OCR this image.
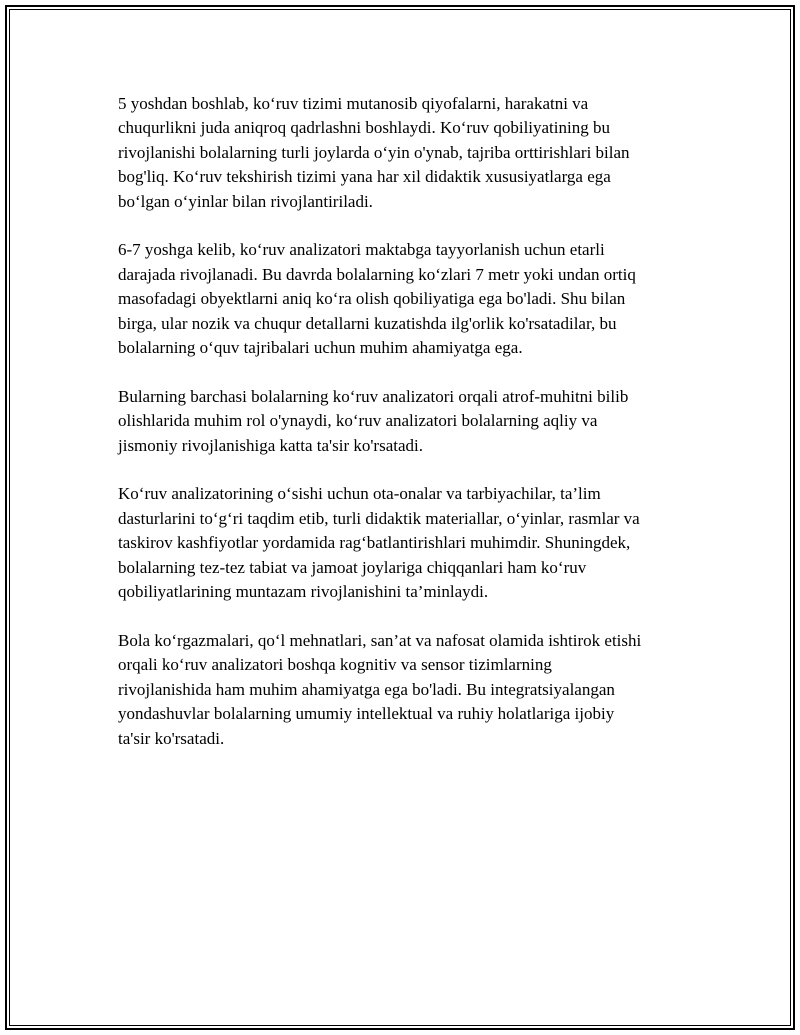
5 yoshdan boshlab, ko‘ruv tizimi mutanosib qiyofalarni, harakatni va
chuqurlikni juda aniqroq qadrlashni boshlaydi. Ko‘ruv qobiliyatining bu
rivojlanishi bolalarning turli joylarda o‘yin o'ynab, tajriba orttirishlari bilan
bog'liq. Ko‘ruv tekshirish tizimi yana har xil didaktik xususiyatlarga ega
bo‘lgan o‘yinlar bilan rivojlantiriladi.

6-7 yoshga kelib, ko‘ruv analizatori maktabga tayyorlanish uchun etarli
darajada rivojlanadi. Bu davrda bolalarning ko‘zlari 7 metr yoki undan ortiq
masofadagi obyektlarni aniq ko‘ra olish qobiliyatiga ega bo'ladi. Shu bilan
birga, ular nozik va chuqur detallarni kuzatishda ilg'orlik ko'rsatadilar, bu
bolalarning o‘quv tajribalari uchun muhim ahamiyatga ega.

Bularning barchasi bolalarning ko‘ruv analizatori orqali atrof-muhitni bilib
olishlarida muhim rol o'ynaydi, ko‘ruv analizatori bolalarning aqliy va
jismoniy rivojlanishiga katta ta'sir ko'rsatadi.

Ko‘ruv analizatorining o‘sishi uchun ota-onalar va tarbiyachilar, ta’lim
dasturlarini to‘g‘ri taqdim etib, turli didaktik materiallar, o‘yinlar, rasmlar va
taskirov kashfiyotlar yordamida rag‘batlantirishlari muhimdir. Shuningdek,
bolalarning tez-tez tabiat va jamoat joylariga chiqqanlari ham ko‘ruv
qobiliyatlarining muntazam rivojlanishini ta’minlaydi.

Bola ko‘rgazmalari, qo‘l mehnatlari, san’at va nafosat olamida ishtirok etishi
orqali ko‘ruv analizatori boshqa kognitiv va sensor tizimlarning
rivojlanishida ham muhim ahamiyatga ega bo'ladi. Bu integratsiyalangan
yondashuvlar bolalarning umumiy intellektual va ruhiy holatlariga ijobiy
ta'sir ko'rsatadi.
